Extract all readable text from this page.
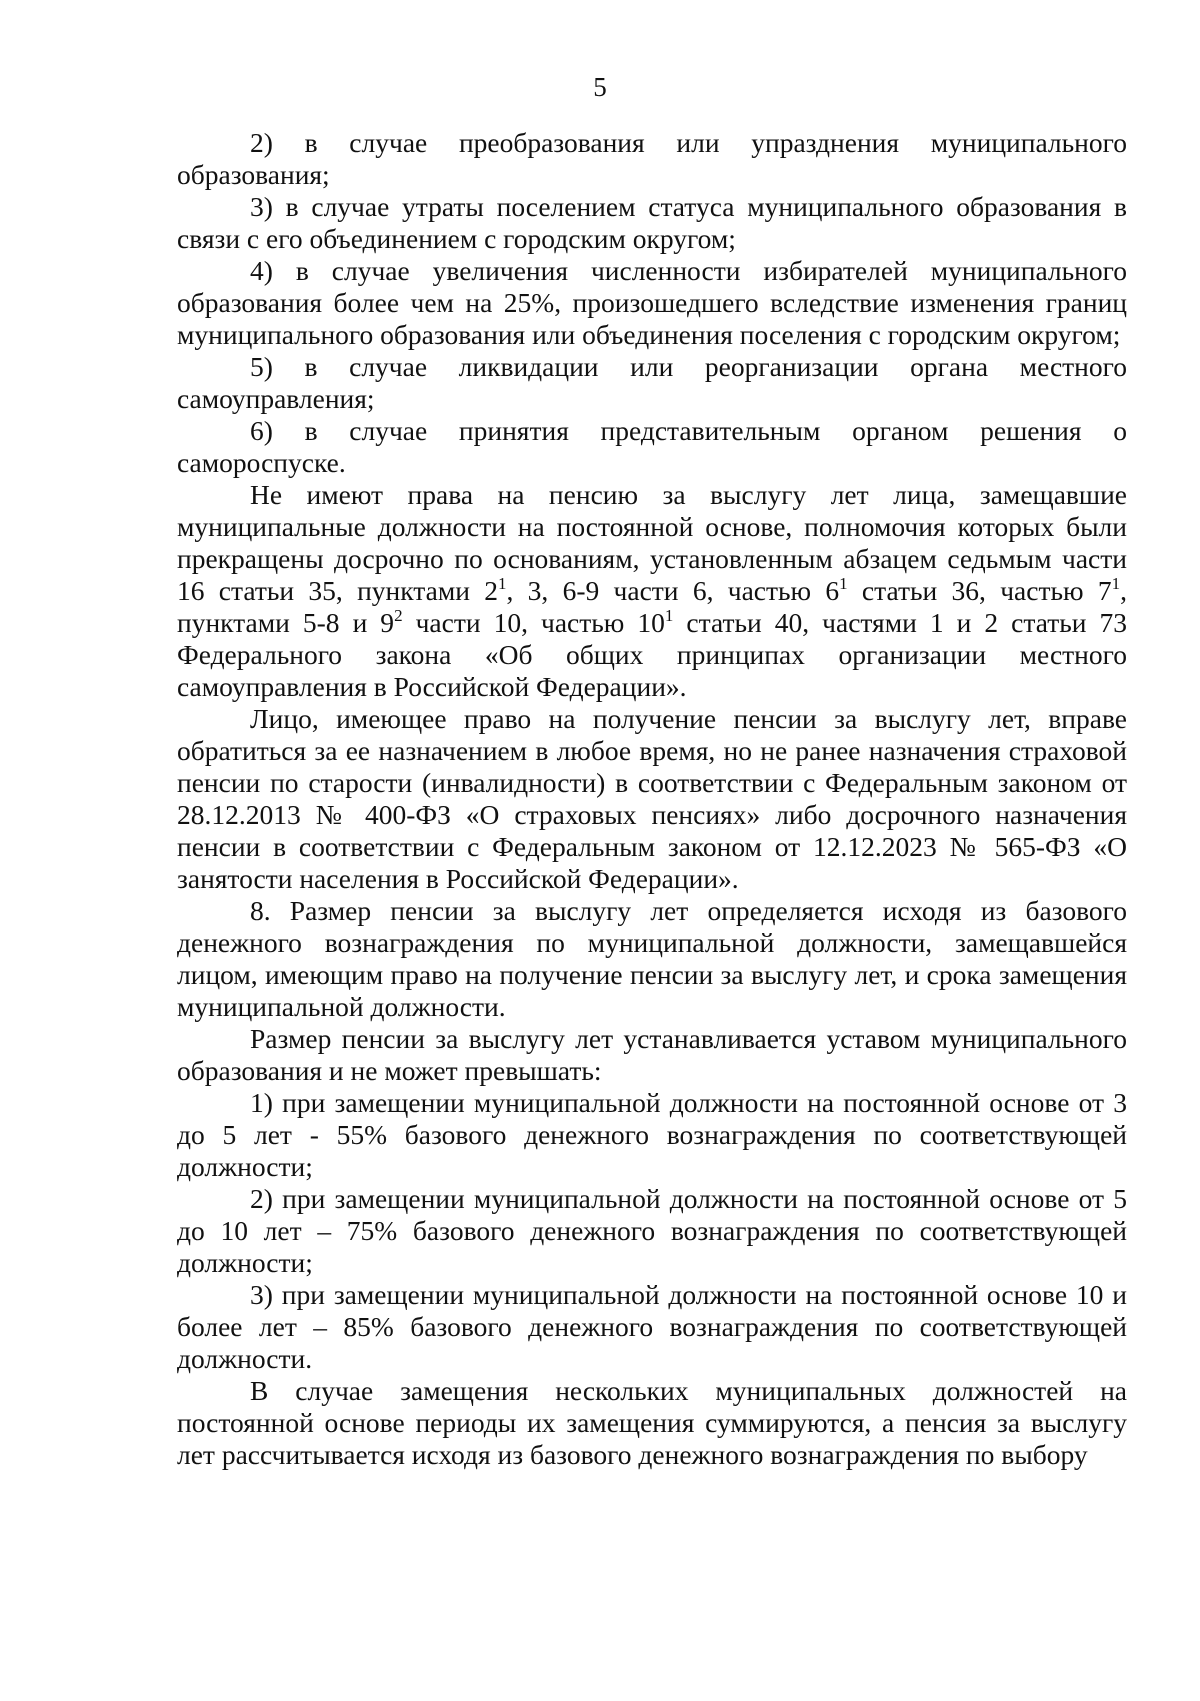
5

2) в случае преобразования или упразднения муниципального образования;

3) в случае утраты поселением статуса муниципального образования в связи с его объединением с городским округом;

4) в случае увеличения численности избирателей муниципального образования более чем на 25%, произошедшего вследствие изменения границ муниципального образования или объединения поселения с городским округом;

5) в случае ликвидации или реорганизации органа местного самоуправления;

6) в случае принятия представительным органом решения о самороспуске.

Не имеют права на пенсию за выслугу лет лица, замещавшие муниципальные должности на постоянной основе, полномочия которых были прекращены досрочно по основаниям, установленным абзацем седьмым части 16 статьи 35, пунктами $2^1$, 3, 6-9 части 6, частью $6^1$ статьи 36, частью $7^1$, пунктами 5-8 и $9^2$ части 10, частью $10^1$ статьи 40, частями 1 и 2 статьи 73 Федерального закона «Об общих принципах организации местного самоуправления в Российской Федерации».

Лицо, имеющее право на получение пенсии за выслугу лет, вправе обратиться за ее назначением в любое время, но не ранее назначения страховой пенсии по старости (инвалидности) в соответствии с Федеральным законом от 28.12.2013 № 400-ФЗ «О страховых пенсиях» либо досрочного назначения пенсии в соответствии с Федеральным законом от 12.12.2023 № 565-ФЗ «О занятости населения в Российской Федерации».

8. Размер пенсии за выслугу лет определяется исходя из базового денежного вознаграждения по муниципальной должности, замещавшейся лицом, имеющим право на получение пенсии за выслугу лет, и срока замещения муниципальной должности.

Размер пенсии за выслугу лет устанавливается уставом муниципального образования и не может превышать:

1) при замещении муниципальной должности на постоянной основе от 3 до 5 лет - 55% базового денежного вознаграждения по соответствующей должности;

2) при замещении муниципальной должности на постоянной основе от 5 до 10 лет – 75% базового денежного вознаграждения по соответствующей должности;

3) при замещении муниципальной должности на постоянной основе 10 и более лет – 85% базового денежного вознаграждения по соответствующей должности.

В случае замещения нескольких муниципальных должностей на постоянной основе периоды их замещения суммируются, а пенсия за выслугу лет рассчитывается исходя из базового денежного вознаграждения по выбору
